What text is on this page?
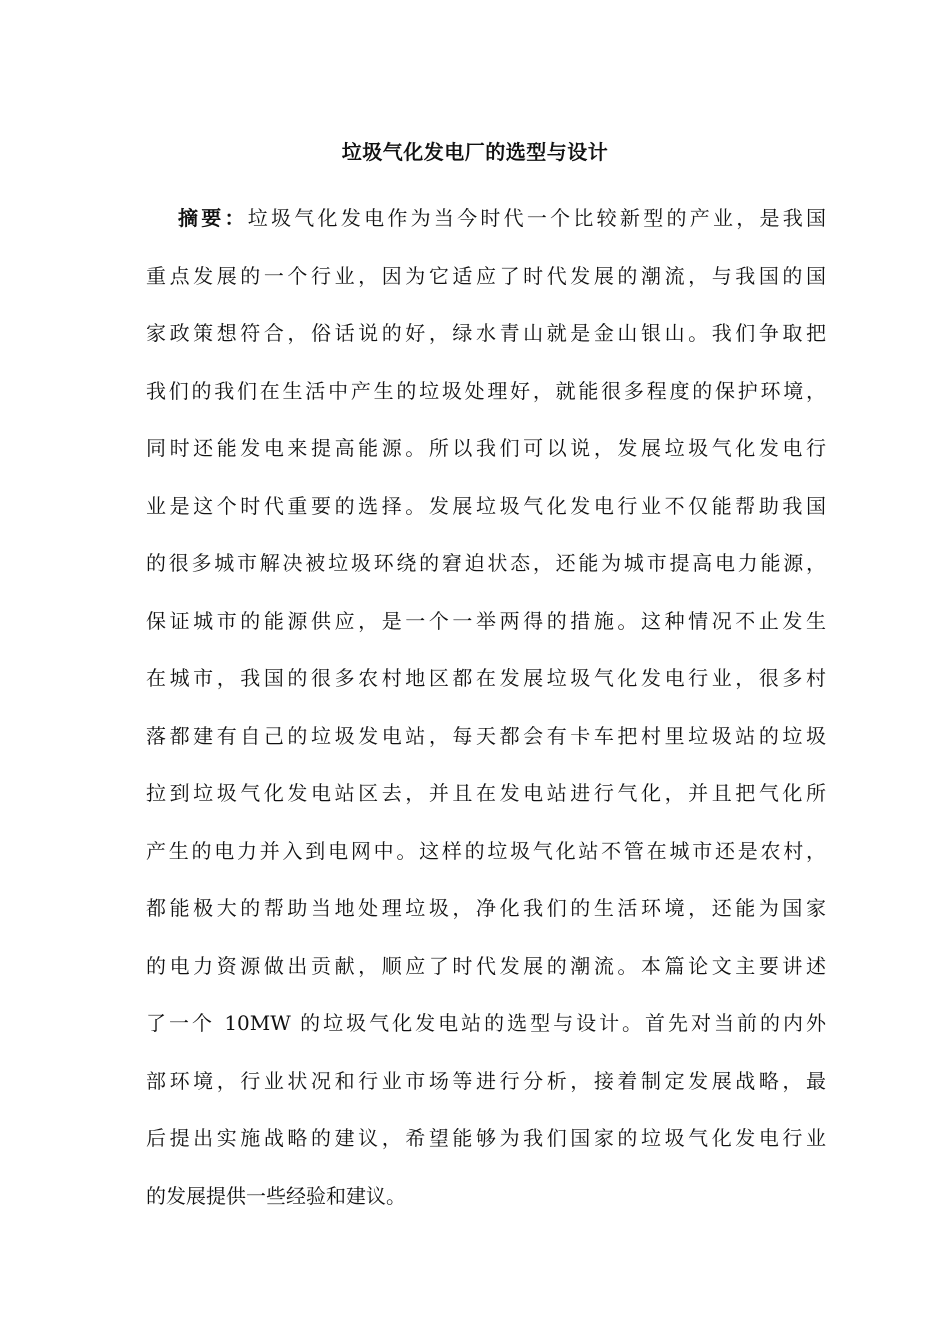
垃圾气化发电厂的选型与设计
摘要：垃圾气化发电作为当今时代一个比较新型的产业，是我国
重点发展的一个行业，因为它适应了时代发展的潮流，与我国的国
家政策想符合，俗话说的好，绿水青山就是金山银山。我们争取把
我们的我们在生活中产生的垃圾处理好，就能很多程度的保护环境，
同时还能发电来提高能源。所以我们可以说，发展垃圾气化发电行
业是这个时代重要的选择。发展垃圾气化发电行业不仅能帮助我国
的很多城市解决被垃圾环绕的窘迫状态，还能为城市提高电力能源，
保证城市的能源供应，是一个一举两得的措施。这种情况不止发生
在城市，我国的很多农村地区都在发展垃圾气化发电行业，很多村
落都建有自己的垃圾发电站，每天都会有卡车把村里垃圾站的垃圾
拉到垃圾气化发电站区去，并且在发电站进行气化，并且把气化所
产生的电力并入到电网中。这样的垃圾气化站不管在城市还是农村，
都能极大的帮助当地处理垃圾，净化我们的生活环境，还能为国家
的电力资源做出贡献，顺应了时代发展的潮流。本篇论文主要讲述
了一个 10MW 的垃圾气化发电站的选型与设计。首先对当前的内外
部环境，行业状况和行业市场等进行分析，接着制定发展战略，最
后提出实施战略的建议，希望能够为我们国家的垃圾气化发电行业
的发展提供一些经验和建议。
